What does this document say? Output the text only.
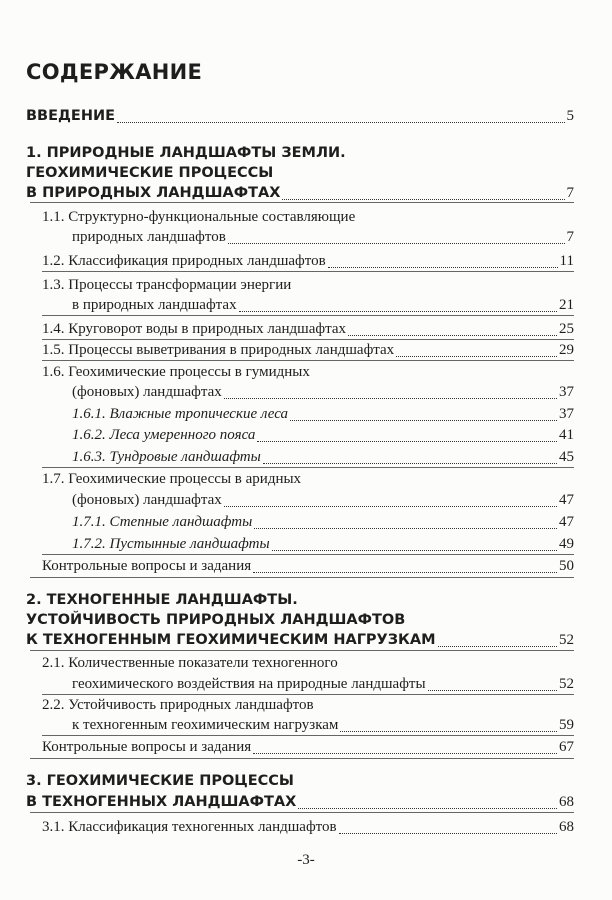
СОДЕРЖАНИЕ
ВВЕДЕНИЕ	5
1. ПРИРОДНЫЕ ЛАНДШАФТЫ ЗЕМЛИ.
ГЕОХИМИЧЕСКИЕ ПРОЦЕССЫ
В ПРИРОДНЫХ ЛАНДШАФТАХ	7
1.1. Структурно-функциональные составляющие
природных ландшафтов	7
1.2. Классификация природных ландшафтов	11
1.3. Процессы трансформации энергии
в природных ландшафтах	21
1.4. Круговорот воды в природных ландшафтах	25
1.5. Процессы выветривания в природных ландшафтах	29
1.6. Геохимические процессы в гумидных
(фоновых) ландшафтах	37
1.6.1. Влажные тропические леса	37
1.6.2. Леса умеренного пояса	41
1.6.3. Тундровые ландшафты	45
1.7. Геохимические процессы в аридных
(фоновых) ландшафтах	47
1.7.1. Степные ландшафты	47
1.7.2. Пустынные ландшафты	49
Контрольные вопросы и задания	50
2. ТЕХНОГЕННЫЕ ЛАНДШАФТЫ.
УСТОЙЧИВОСТЬ ПРИРОДНЫХ ЛАНДШАФТОВ
К ТЕХНОГЕННЫМ ГЕОХИМИЧЕСКИМ НАГРУЗКАМ	52
2.1. Количественные показатели техногенного
геохимического воздействия на природные ландшафты	52
2.2. Устойчивость природных ландшафтов
к техногенным геохимическим нагрузкам	59
Контрольные вопросы и задания	67
3. ГЕОХИМИЧЕСКИЕ ПРОЦЕССЫ
В ТЕХНОГЕННЫХ ЛАНДШАФТАХ	68
3.1. Классификация техногенных ландшафтов	68
-3-
